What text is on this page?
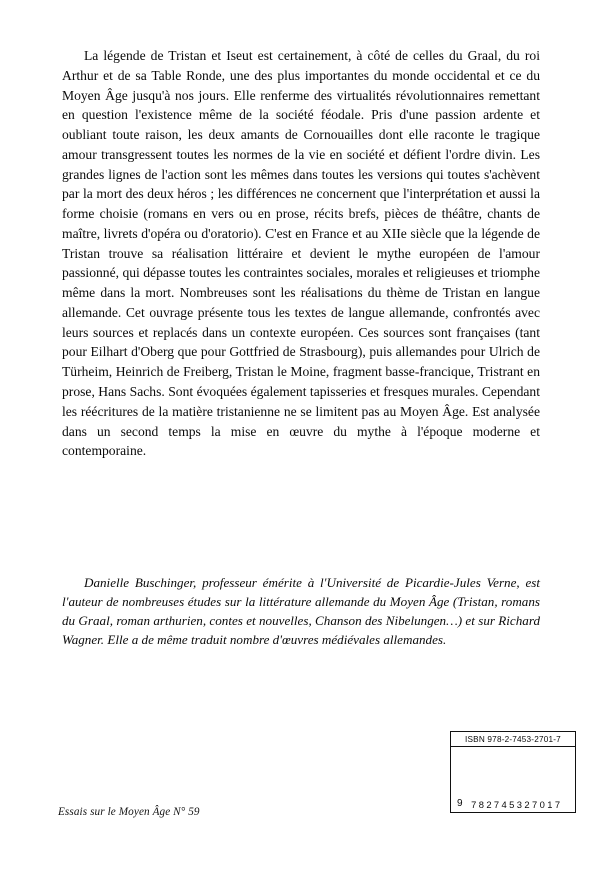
La légende de Tristan et Iseut est certainement, à côté de celles du Graal, du roi Arthur et de sa Table Ronde, une des plus importantes du monde occidental et ce du Moyen Âge jusqu'à nos jours. Elle renferme des virtualités révolutionnaires remettant en question l'existence même de la société féodale. Pris d'une passion ardente et oubliant toute raison, les deux amants de Cornouailles dont elle raconte le tragique amour transgressent toutes les normes de la vie en société et défient l'ordre divin. Les grandes lignes de l'action sont les mêmes dans toutes les versions qui toutes s'achèvent par la mort des deux héros ; les différences ne concernent que l'interprétation et aussi la forme choisie (romans en vers ou en prose, récits brefs, pièces de théâtre, chants de maître, livrets d'opéra ou d'oratorio). C'est en France et au XIIe siècle que la légende de Tristan trouve sa réalisation littéraire et devient le mythe européen de l'amour passionné, qui dépasse toutes les contraintes sociales, morales et religieuses et triomphe même dans la mort. Nombreuses sont les réalisations du thème de Tristan en langue allemande. Cet ouvrage présente tous les textes de langue allemande, confrontés avec leurs sources et replacés dans un contexte européen. Ces sources sont françaises (tant pour Eilhart d'Oberg que pour Gottfried de Strasbourg), puis allemandes pour Ulrich de Türheim, Heinrich de Freiberg, Tristan le Moine, fragment basse-francique, Tristrant en prose, Hans Sachs. Sont évoquées également tapisseries et fresques murales. Cependant les réécritures de la matière tristanienne ne se limitent pas au Moyen Âge. Est analysée dans un second temps la mise en œuvre du mythe à l'époque moderne et contemporaine.

Danielle Buschinger, professeur émérite à l'Université de Picardie-Jules Verne, est l'auteur de nombreuses études sur la littérature allemande du Moyen Âge (Tristan, romans du Graal, roman arthurien, contes et nouvelles, Chanson des Nibelungen…) et sur Richard Wagner. Elle a de même traduit nombre d'œuvres médiévales allemandes.

Essais sur le Moyen Âge N° 59
ISBN 978-2-7453-2701-7
9 782745327017
